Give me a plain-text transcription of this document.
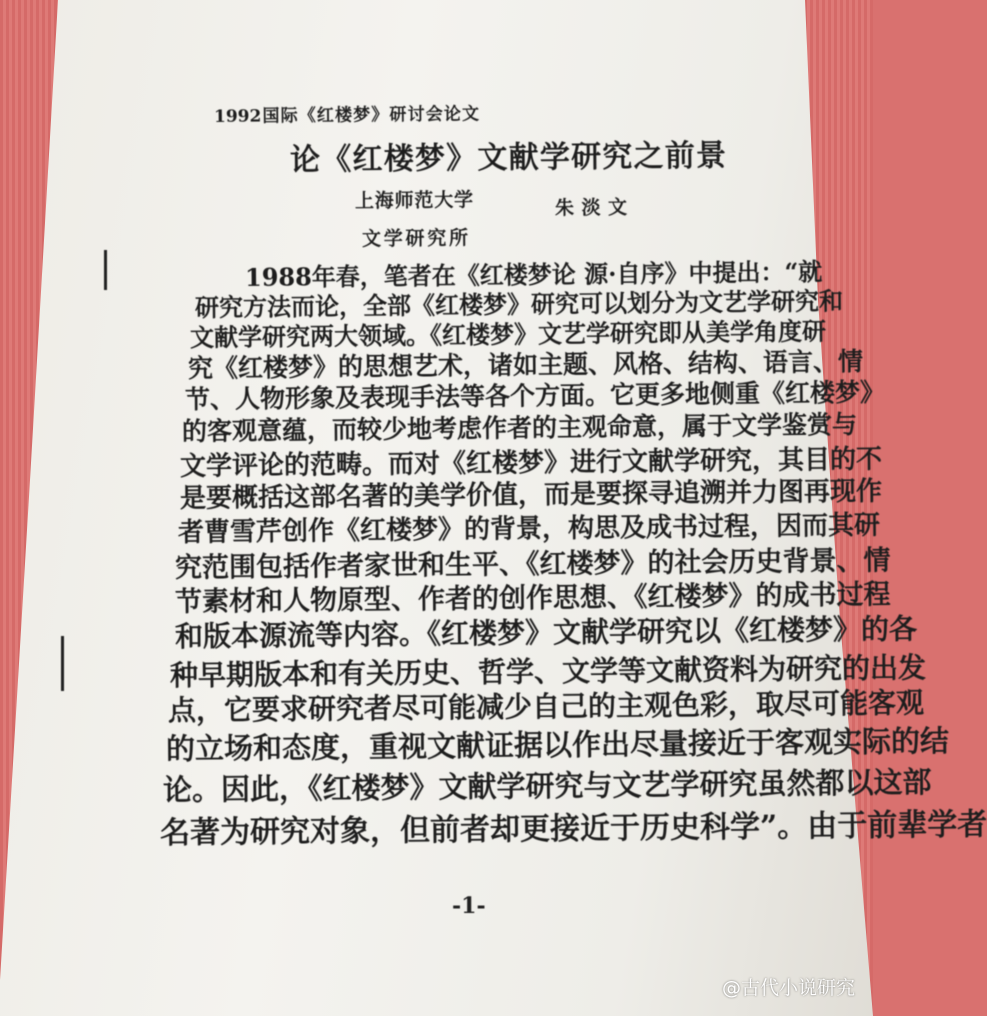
1992国际《红楼梦》研讨会论文
论《红楼梦》文献学研究之前景
上海师范大学	朱淡文
文学研究所
1988年春，笔者在《红楼梦论 源·自序》中提出：“就
研究方法而论，全部《红楼梦》研究可以划分为文艺学研究和
文献学研究两大领域。《红楼梦》文艺学研究即从美学角度研
究《红楼梦》的思想艺术，诸如主题、风格、结构、语言、情
节、人物形象及表现手法等各个方面。它更多地侧重《红楼梦》
的客观意蕴，而较少地考虑作者的主观命意，属于文学鉴赏与
文学评论的范畴。而对《红楼梦》进行文献学研究，其目的不
是要概括这部名著的美学价值，而是要探寻追溯并力图再现作
者曹雪芹创作《红楼梦》的背景，构思及成书过程，因而其研
究范围包括作者家世和生平、《红楼梦》的社会历史背景、情
节素材和人物原型、作者的创作思想、《红楼梦》的成书过程
和版本源流等内容。《红楼梦》文献学研究以《红楼梦》的各
种早期版本和有关历史、哲学、文学等文献资料为研究的出发
点，它要求研究者尽可能减少自己的主观色彩，取尽可能客观
的立场和态度，重视文献证据以作出尽量接近于客观实际的结
论。因此，《红楼梦》文献学研究与文艺学研究虽然都以这部
名著为研究对象，但前者却更接近于历史科学”。由于前辈学者
-1-
@古代小说研究
